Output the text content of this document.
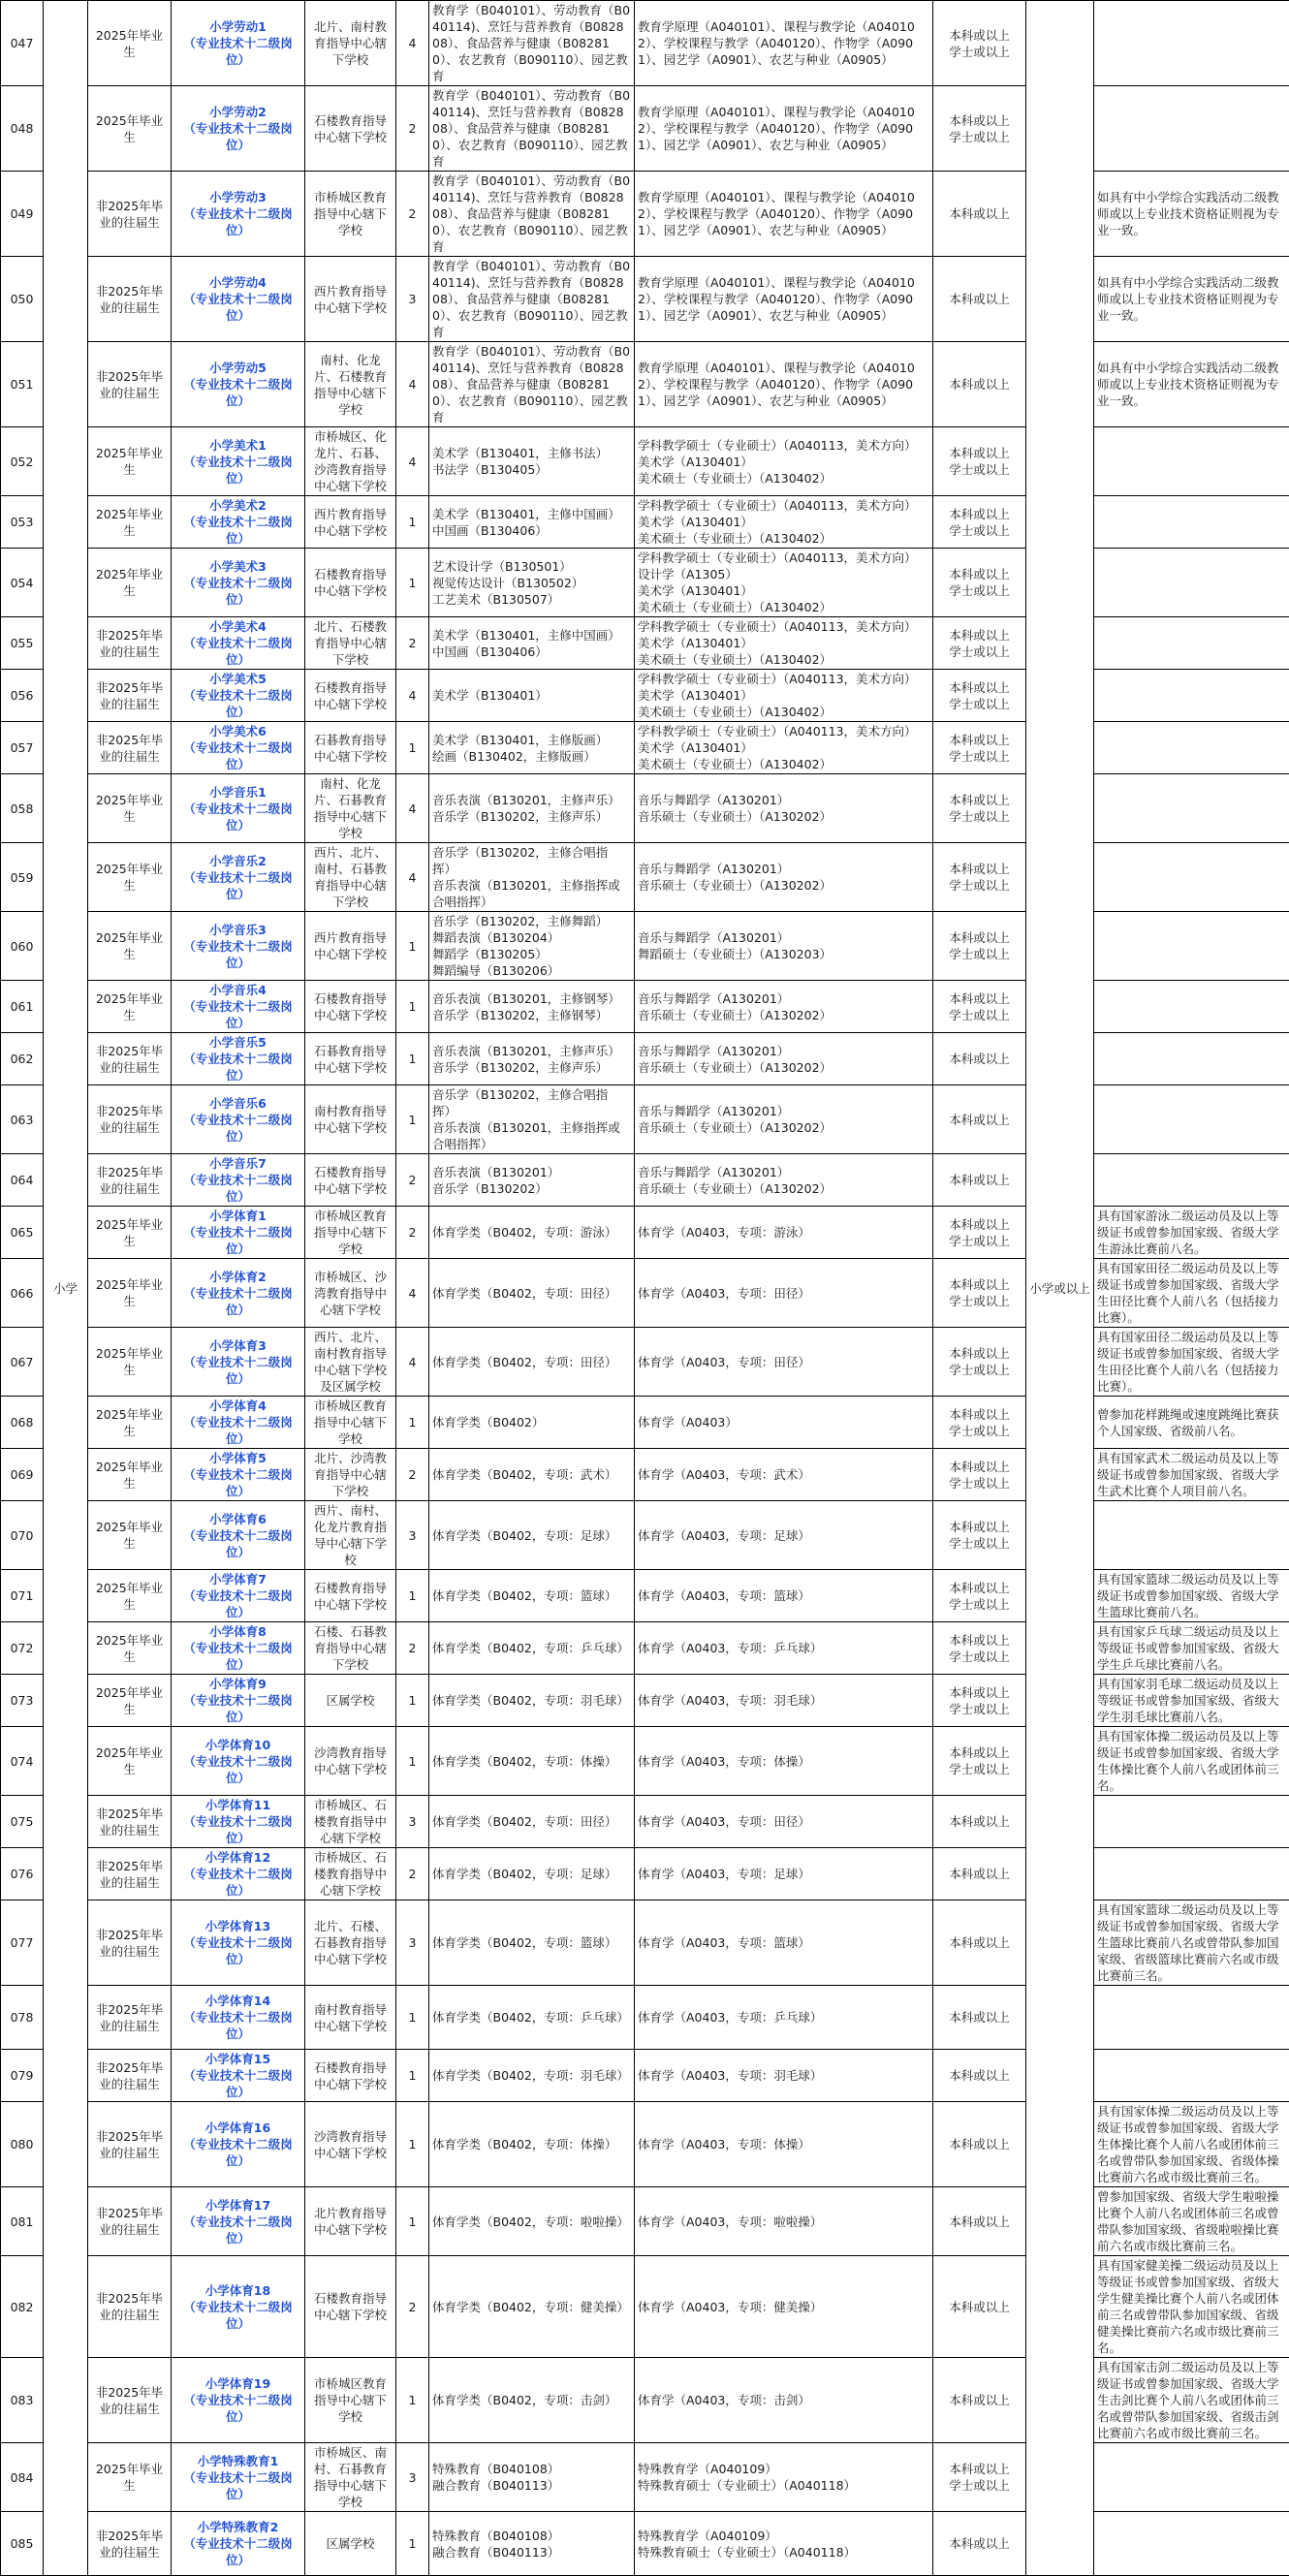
047	小学	2025年毕业生	小学劳动1
（专业技术十二级岗位）	北片、南村教育指导中心辖下学校	4	教育学（B040101）、劳动教育（B040114)、烹饪与营养教育（B082808）、食品营养与健康（B082810）、农艺教育（B090110）、园艺教育	教育学原理（A040101）、课程与教学论（A040102）、学校课程与教学（A040120）、作物学（A0901）、园艺学（A0901）、农艺与种业（A0905）	本科或以上
学士或以上	小学或以上	
048		2025年毕业生	小学劳动2
（专业技术十二级岗位）	石楼教育指导中心辖下学校	2	教育学（B040101）、劳动教育（B040114)、烹饪与营养教育（B082808）、食品营养与健康（B082810）、农艺教育（B090110）、园艺教育	教育学原理（A040101）、课程与教学论（A040102）、学校课程与教学（A040120）、作物学（A0901）、园艺学（A0901）、农艺与种业（A0905）	本科或以上
学士或以上		
049		非2025年毕业的往届生	小学劳动3
（专业技术十二级岗位）	市桥城区教育指导中心辖下学校	2	教育学（B040101）、劳动教育（B040114)、烹饪与营养教育（B082808）、食品营养与健康（B082810）、农艺教育（B090110）、园艺教育	教育学原理（A040101）、课程与教学论（A040102）、学校课程与教学（A040120）、作物学（A0901）、园艺学（A0901）、农艺与种业（A0905）	本科或以上		如具有中小学综合实践活动二级教师或以上专业技术资格证则视为专业一致。
050		非2025年毕业的往届生	小学劳动4
（专业技术十二级岗位）	西片教育指导中心辖下学校	3	教育学（B040101）、劳动教育（B040114)、烹饪与营养教育（B082808）、食品营养与健康（B082810）、农艺教育（B090110）、园艺教育	教育学原理（A040101）、课程与教学论（A040102）、学校课程与教学（A040120）、作物学（A0901）、园艺学（A0901）、农艺与种业（A0905）	本科或以上		如具有中小学综合实践活动二级教师或以上专业技术资格证则视为专业一致。
051		非2025年毕业的往届生	小学劳动5
（专业技术十二级岗位）	南村、化龙片、石楼教育指导中心辖下学校	4	教育学（B040101）、劳动教育（B040114)、烹饪与营养教育（B082808）、食品营养与健康（B082810）、农艺教育（B090110）、园艺教育	教育学原理（A040101）、课程与教学论（A040102）、学校课程与教学（A040120）、作物学（A0901）、园艺学（A0901）、农艺与种业（A0905）	本科或以上		如具有中小学综合实践活动二级教师或以上专业技术资格证则视为专业一致。
052		2025年毕业生	小学美术1
（专业技术十二级岗位）	市桥城区、化龙片、石碁、沙湾教育指导中心辖下学校	4	美术学（B130401，主修书法）
书法学（B130405）	学科教学硕士（专业硕士）（A040113，美术方向）
美术学（A130401）
美术硕士（专业硕士）（A130402）	本科或以上
学士或以上		
053		2025年毕业生	小学美术2
（专业技术十二级岗位）	西片教育指导中心辖下学校	1	美术学（B130401，主修中国画）
中国画（B130406）	学科教学硕士（专业硕士）（A040113，美术方向）
美术学（A130401）
美术硕士（专业硕士）（A130402）	本科或以上
学士或以上		
054		2025年毕业生	小学美术3
（专业技术十二级岗位）	石楼教育指导中心辖下学校	1	艺术设计学（B130501）
视觉传达设计（B130502）
工艺美术（B130507）	学科教学硕士（专业硕士）（A040113，美术方向）
设计学（A1305）
美术学（A130401）
美术硕士（专业硕士）（A130402）	本科或以上
学士或以上		
055		非2025年毕业的往届生	小学美术4
（专业技术十二级岗位）	北片、石楼教育指导中心辖下学校	2	美术学（B130401，主修中国画）
中国画（B130406）	学科教学硕士（专业硕士）（A040113，美术方向）
美术学（A130401）
美术硕士（专业硕士）（A130402）	本科或以上
学士或以上		
056		非2025年毕业的往届生	小学美术5
（专业技术十二级岗位）	石楼教育指导中心辖下学校	4	美术学（B130401）	学科教学硕士（专业硕士）（A040113，美术方向）
美术学（A130401）
美术硕士（专业硕士）（A130402）	本科或以上
学士或以上		
057		非2025年毕业的往届生	小学美术6
（专业技术十二级岗位）	石碁教育指导中心辖下学校	1	美术学（B130401，主修版画）
绘画（B130402，主修版画）	学科教学硕士（专业硕士）（A040113，美术方向）
美术学（A130401）
美术硕士（专业硕士）（A130402）	本科或以上
学士或以上		
058		2025年毕业生	小学音乐1
（专业技术十二级岗位）	南村、化龙片、石碁教育指导中心辖下学校	4	音乐表演（B130201，主修声乐）
音乐学（B130202，主修声乐）	音乐与舞蹈学（A130201）
音乐硕士（专业硕士）（A130202）	本科或以上
学士或以上		
059		2025年毕业生	小学音乐2
（专业技术十二级岗位）	西片、北片、南村、石碁教育指导中心辖下学校	4	音乐学（B130202，主修合唱指挥）
音乐表演（B130201，主修指挥或合唱指挥）	音乐与舞蹈学（A130201）
音乐硕士（专业硕士）（A130202）	本科或以上
学士或以上		
060		2025年毕业生	小学音乐3
（专业技术十二级岗位）	西片教育指导中心辖下学校	1	音乐学（B130202，主修舞蹈）
舞蹈表演（B130204）
舞蹈学（B130205）
舞蹈编导（B130206）	音乐与舞蹈学（A130201）
舞蹈硕士（专业硕士）（A130203）	本科或以上
学士或以上		
061		2025年毕业生	小学音乐4
（专业技术十二级岗位）	石楼教育指导中心辖下学校	1	音乐表演（B130201，主修钢琴）
音乐学（B130202，主修钢琴）	音乐与舞蹈学（A130201）
音乐硕士（专业硕士）（A130202）	本科或以上
学士或以上		
062		非2025年毕业的往届生	小学音乐5
（专业技术十二级岗位）	石碁教育指导中心辖下学校	1	音乐表演（B130201，主修声乐）
音乐学（B130202，主修声乐）	音乐与舞蹈学（A130201）
音乐硕士（专业硕士）（A130202）	本科或以上		
063		非2025年毕业的往届生	小学音乐6
（专业技术十二级岗位）	南村教育指导中心辖下学校	1	音乐学（B130202，主修合唱指挥）
音乐表演（B130201，主修指挥或合唱指挥）	音乐与舞蹈学（A130201）
音乐硕士（专业硕士）（A130202）	本科或以上		
064		非2025年毕业的往届生	小学音乐7
（专业技术十二级岗位）	石楼教育指导中心辖下学校	2	音乐表演（B130201）
音乐学（B130202）	音乐与舞蹈学（A130201）
音乐硕士（专业硕士）（A130202）	本科或以上		
065		2025年毕业生	小学体育1
（专业技术十二级岗位）	市桥城区教育指导中心辖下学校	2	体育学类（B0402，专项：游泳）	体育学（A0403，专项：游泳）	本科或以上
学士或以上		具有国家游泳二级运动员及以上等级证书或曾参加国家级、省级大学生游泳比赛前八名。
066		2025年毕业生	小学体育2
（专业技术十二级岗位）	市桥城区、沙湾教育指导中心辖下学校	4	体育学类（B0402，专项：田径）	体育学（A0403，专项：田径）	本科或以上
学士或以上		具有国家田径二级运动员及以上等级证书或曾参加国家级、省级大学生田径比赛个人前八名（包括接力比赛）。
067		2025年毕业生	小学体育3
（专业技术十二级岗位）	西片、北片、南村教育指导中心辖下学校及区属学校	4	体育学类（B0402，专项：田径）	体育学（A0403，专项：田径）	本科或以上
学士或以上		具有国家田径二级运动员及以上等级证书或曾参加国家级、省级大学生田径比赛个人前八名（包括接力比赛）。
068		2025年毕业生	小学体育4
（专业技术十二级岗位）	市桥城区教育指导中心辖下学校	1	体育学类（B0402）	体育学（A0403）	本科或以上
学士或以上		曾参加花样跳绳或速度跳绳比赛获个人国家级、省级前八名。
069		2025年毕业生	小学体育5
（专业技术十二级岗位）	北片、沙湾教育指导中心辖下学校	2	体育学类（B0402，专项：武术）	体育学（A0403，专项：武术）	本科或以上
学士或以上		具有国家武术二级运动员及以上等级证书或曾参加国家级、省级大学生武术比赛个人项目前八名。
070		2025年毕业生	小学体育6
（专业技术十二级岗位）	西片、南村、化龙片教育指导中心辖下学校	3	体育学类（B0402，专项：足球）	体育学（A0403，专项：足球）	本科或以上
学士或以上		
071		2025年毕业生	小学体育7
（专业技术十二级岗位）	石楼教育指导中心辖下学校	1	体育学类（B0402，专项：篮球）	体育学（A0403，专项：篮球）	本科或以上
学士或以上		具有国家篮球二级运动员及以上等级证书或曾参加国家级、省级大学生篮球比赛前八名。
072		2025年毕业生	小学体育8
（专业技术十二级岗位）	石楼、石碁教育指导中心辖下学校	2	体育学类（B0402，专项：乒乓球）	体育学（A0403，专项：乒乓球）	本科或以上
学士或以上		具有国家乒乓球二级运动员及以上等级证书或曾参加国家级、省级大学生乒乓球比赛前八名。
073		2025年毕业生	小学体育9
（专业技术十二级岗位）	区属学校	1	体育学类（B0402，专项：羽毛球）	体育学（A0403，专项：羽毛球）	本科或以上
学士或以上		具有国家羽毛球二级运动员及以上等级证书或曾参加国家级、省级大学生羽毛球比赛前八名。
074		2025年毕业生	小学体育10
（专业技术十二级岗位）	沙湾教育指导中心辖下学校	1	体育学类（B0402，专项：体操）	体育学（A0403，专项：体操）	本科或以上
学士或以上		具有国家体操二级运动员及以上等级证书或曾参加国家级、省级大学生体操比赛个人前八名或团体前三名。
075		非2025年毕业的往届生	小学体育11
（专业技术十二级岗位）	市桥城区、石楼教育指导中心辖下学校	3	体育学类（B0402，专项：田径）	体育学（A0403，专项：田径）	本科或以上		
076		非2025年毕业的往届生	小学体育12
（专业技术十二级岗位）	市桥城区、石楼教育指导中心辖下学校	2	体育学类（B0402，专项：足球）	体育学（A0403，专项：足球）	本科或以上		
077		非2025年毕业的往届生	小学体育13
（专业技术十二级岗位）	北片、石楼、石碁教育指导中心辖下学校	3	体育学类（B0402，专项：篮球）	体育学（A0403，专项：篮球）	本科或以上		具有国家篮球二级运动员及以上等级证书或曾参加国家级、省级大学生篮球比赛前八名或曾带队参加国家级、省级篮球比赛前六名或市级比赛前三名。
078		非2025年毕业的往届生	小学体育14
（专业技术十二级岗位）	南村教育指导中心辖下学校	1	体育学类（B0402，专项：乒乓球）	体育学（A0403，专项：乒乓球）	本科或以上		
079		非2025年毕业的往届生	小学体育15
（专业技术十二级岗位）	石楼教育指导中心辖下学校	1	体育学类（B0402，专项：羽毛球）	体育学（A0403，专项：羽毛球）	本科或以上		
080		非2025年毕业的往届生	小学体育16
（专业技术十二级岗位）	沙湾教育指导中心辖下学校	1	体育学类（B0402，专项：体操）	体育学（A0403，专项：体操）	本科或以上		具有国家体操二级运动员及以上等级证书或曾参加国家级、省级大学生体操比赛个人前八名或团体前三名或曾带队参加国家级、省级体操比赛前六名或市级比赛前三名。
081		非2025年毕业的往届生	小学体育17
（专业技术十二级岗位）	北片教育指导中心辖下学校	1	体育学类（B0402，专项：啦啦操）	体育学（A0403，专项：啦啦操）	本科或以上		曾参加国家级、省级大学生啦啦操比赛个人前八名或团体前三名或曾带队参加国家级、省级啦啦操比赛前六名或市级比赛前三名。
082		非2025年毕业的往届生	小学体育18
（专业技术十二级岗位）	石楼教育指导中心辖下学校	2	体育学类（B0402，专项：健美操）	体育学（A0403，专项：健美操）	本科或以上		具有国家健美操二级运动员及以上等级证书或曾参加国家级、省级大学生健美操比赛个人前八名或团体前三名或曾带队参加国家级、省级健美操比赛前六名或市级比赛前三名。
083		非2025年毕业的往届生	小学体育19
（专业技术十二级岗位）	市桥城区教育指导中心辖下学校	1	体育学类（B0402，专项：击剑）	体育学（A0403，专项：击剑）	本科或以上		具有国家击剑二级运动员及以上等级证书或曾参加国家级、省级大学生击剑比赛个人前八名或团体前三名或曾带队参加国家级、省级击剑比赛前六名或市级比赛前三名。
084		2025年毕业生	小学特殊教育1
（专业技术十二级岗位）	市桥城区、南村、石碁教育指导中心辖下学校	3	特殊教育（B040108）
融合教育（B040113）	特殊教育学（A040109）
特殊教育硕士（专业硕士）（A040118）	本科或以上
学士或以上		
085		非2025年毕业的往届生	小学特殊教育2
（专业技术十二级岗位）	区属学校	1	特殊教育（B040108）
融合教育（B040113）	特殊教育学（A040109）
特殊教育硕士（专业硕士）（A040118）	本科或以上		
